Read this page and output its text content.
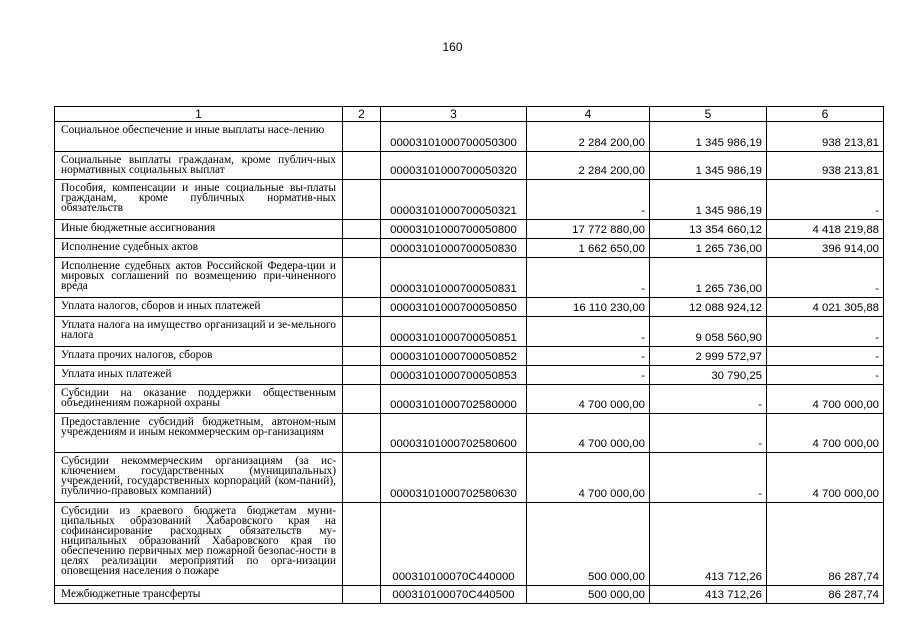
160
1	2	3	4	5	6
Социальное обеспечение и иные выплаты насе-лению		00003101000700050300	2 284 200,00	1 345 986,19	938 213,81
Социальные выплаты гражданам, кроме публич-ных нормативных социальных выплат		00003101000700050320	2 284 200,00	1 345 986,19	938 213,81
Пособия, компенсации и иные социальные вы-платы гражданам, кроме публичных норматив-ных обязательств		00003101000700050321	-	1 345 986,19	-
Иные бюджетные ассигнования		00003101000700050800	17 772 880,00	13 354 660,12	4 418 219,88
Исполнение судебных актов		00003101000700050830	1 662 650,00	1 265 736,00	396 914,00
Исполнение судебных актов Российской Федера-ции и мировых соглашений по возмещению при-чиненного вреда		00003101000700050831	-	1 265 736,00	-
Уплата налогов, сборов и иных платежей		00003101000700050850	16 110 230,00	12 088 924,12	4 021 305,88
Уплата налога на имущество организаций и зе-мельного налога		00003101000700050851	-	9 058 560,90	-
Уплата прочих налогов, сборов		00003101000700050852	-	2 999 572,97	-
Уплата иных платежей		00003101000700050853	-	30 790,25	-
Субсидии на оказание поддержки общественным объединениям пожарной охраны		00003101000702580000	4 700 000,00	-	4 700 000,00
Предоставление субсидий бюджетным, автоном-ным учреждениям и иным некоммерческим ор-ганизациям		00003101000702580600	4 700 000,00	-	4 700 000,00
Субсидии некоммерческим организациям (за ис-ключением государственных (муниципальных) учреждений, государственных корпораций (ком-паний), публично-правовых компаний)		00003101000702580630	4 700 000,00	-	4 700 000,00
Субсидии из краевого бюджета бюджетам муни-ципальных образований Хабаровского края на софинансирование расходных обязательств му-ниципальных образований Хабаровского края по обеспечению первичных мер пожарной безопас-ности в целях реализации мероприятий по орга-низации оповещения населения о пожаре		000310100070C440000	500 000,00	413 712,26	86 287,74
Межбюджетные трансферты		000310100070C440500	500 000,00	413 712,26	86 287,74
